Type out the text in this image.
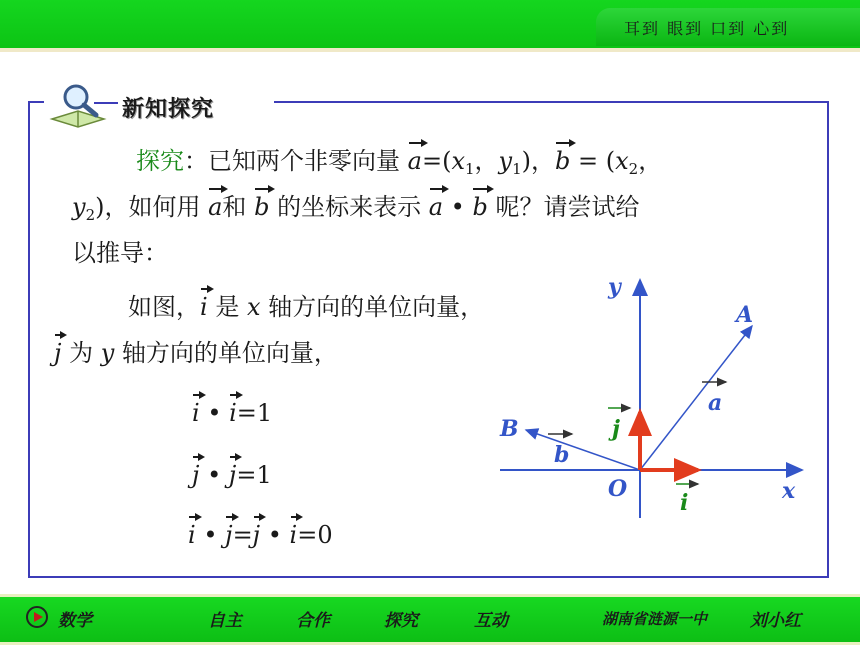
耳到 眼到 口到 心到
新知探究
探究：已知两个非零向量 $a=(x_1$，$y_1$)，$b = (x_2$，
$y_2$)，如何用 a和 b 的坐标来表示 a • b 呢？请尝试给
以推导：
如图，i 是 x 轴方向的单位向量，
j 为 y 轴方向的单位向量，
i • i=1
j • j=1
i • j=j • i=0
y
x
O
A
B
a
b
j
i
数学	自主	合作	探究	互动	湖南省涟源一中	刘小红
